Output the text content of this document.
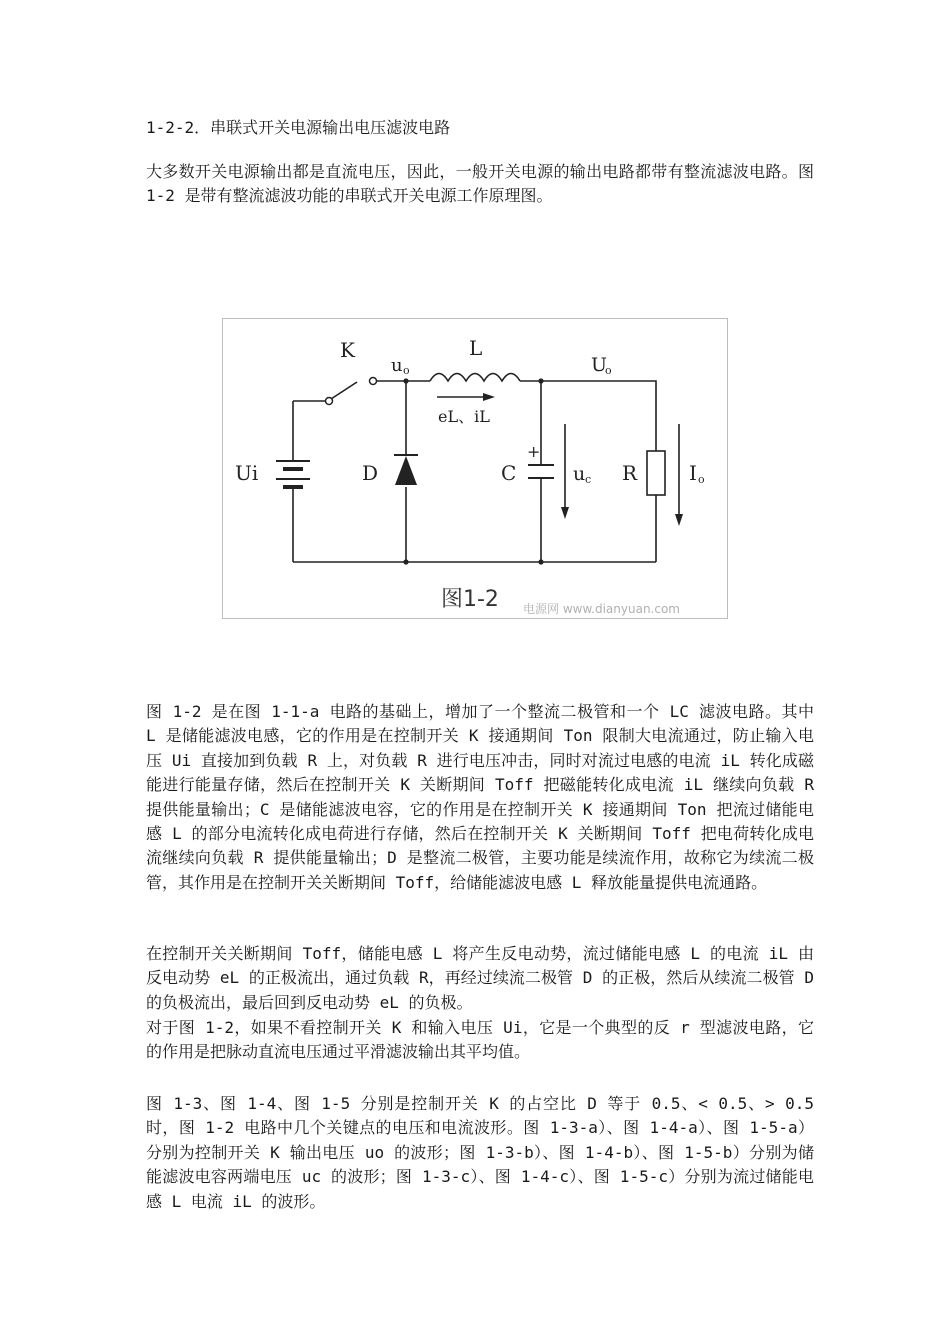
1-2-2．串联式开关电源输出电压滤波电路

大多数开关电源输出都是直流电压，因此，一般开关电源的输出电路都带有整流滤波电路。图 1-2 是带有整流滤波功能的串联式开关电源工作原理图。

图 1-2 是在图 1-1-a 电路的基础上，增加了一个整流二极管和一个 LC 滤波电路。其中 L 是储能滤波电感，它的作用是在控制开关 K 接通期间 Ton 限制大电流通过，防止输入电压 Ui 直接加到负载 R 上，对负载 R 进行电压冲击，同时对流过电感的电流 iL 转化成磁能进行能量存储，然后在控制开关 K 关断期间 Toff 把磁能转化成电流 iL 继续向负载 R 提供能量输出；C 是储能滤波电容，它的作用是在控制开关 K 接通期间 Ton 把流过储能电感 L 的部分电流转化成电荷进行存储，然后在控制开关 K 关断期间 Toff 把电荷转化成电流继续向负载 R 提供能量输出；D 是整流二极管，主要功能是续流作用，故称它为续流二极管，其作用是在控制开关关断期间 Toff，给储能滤波电感 L 释放能量提供电流通路。

在控制开关关断期间 Toff，储能电感 L 将产生反电动势，流过储能电感 L 的电流 iL 由反电动势 eL 的正极流出，通过负载 R，再经过续流二极管 D 的正极，然后从续流二极管 D 的负极流出，最后回到反电动势 eL 的负极。

对于图 1-2，如果不看控制开关 K 和输入电压 Ui，它是一个典型的反 r 型滤波电路，它的作用是把脉动直流电压通过平滑滤波输出其平均值。

图 1-3、图 1-4、图 1-5 分别是控制开关 K 的占空比 D 等于 0.5、< 0.5、> 0.5 时，图 1-2 电路中几个关键点的电压和电流波形。图 1-3-a）、图 1-4-a）、图 1-5-a）分别为控制开关 K 输出电压 uo 的波形；图 1-3-b）、图 1-4-b）、图 1-5-b）分别为储能滤波电容两端电压 uc 的波形；图 1-3-c）、图 1-4-c）、图 1-5-c）分别为流过储能电感 L 电流 iL 的波形。

K
u o
L
U
o
eL、iL
Ui	D	C
+
u c R	I o
图1-2 电源网 www.dianyuan.com
